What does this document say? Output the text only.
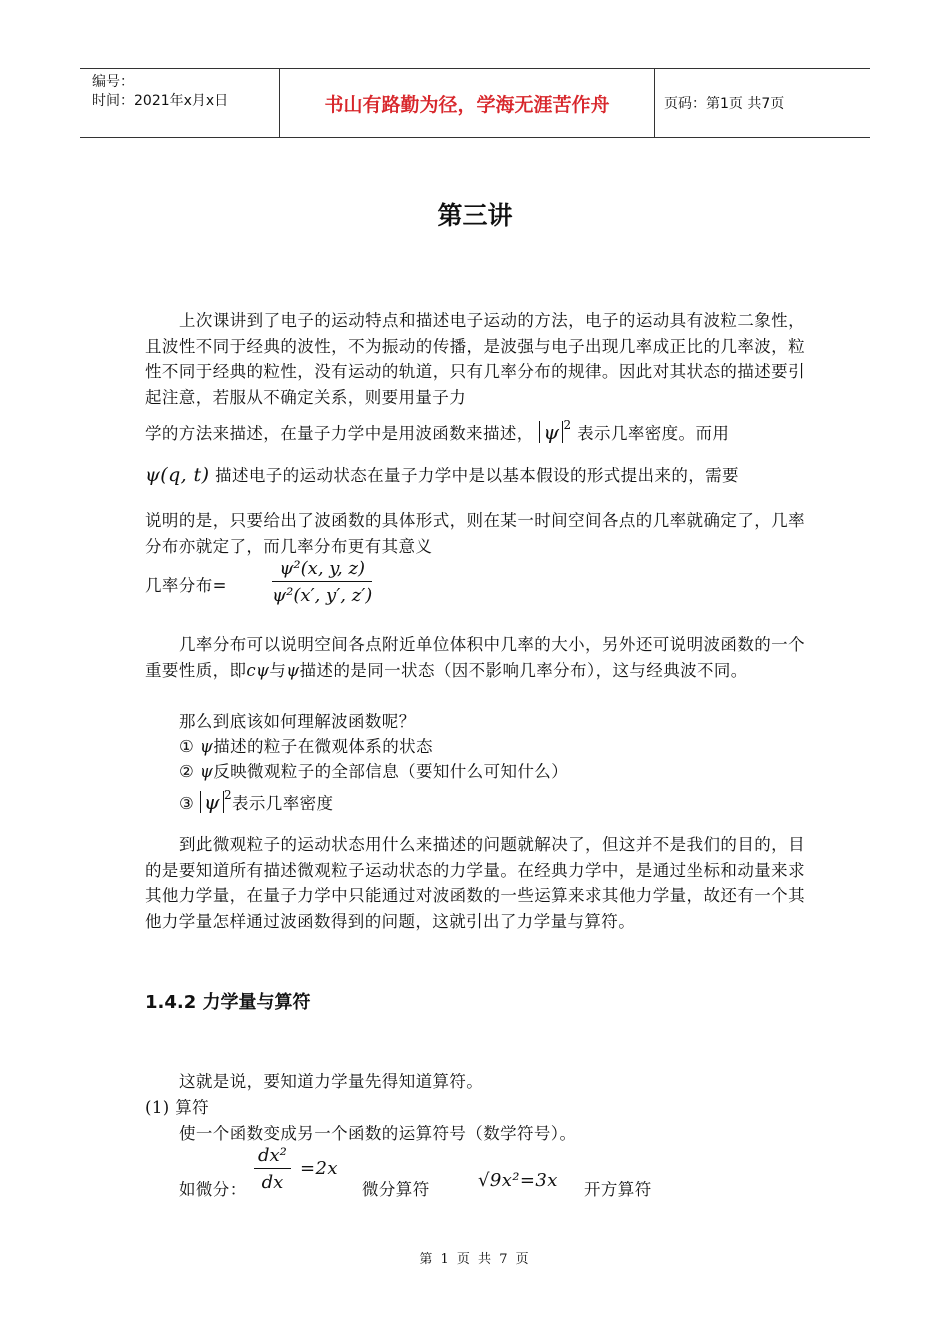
编号：
时间：2021年x月x日	书山有路勤为径，学海无涯苦作舟	页码：第1页 共7页
第三讲

上次课讲到了电子的运动特点和描述电子运动的方法，电子的运动具有波粒二象性，且波性不同于经典的波性，不为振动的传播，是波强与电子出现几率成正比的几率波，粒性不同于经典的粒性，没有运动的轨道，只有几率分布的规律。因此对其状态的描述要引起注意，若服从不确定关系，则要用量子力

学的方法来描述，在量子力学中是用波函数来描述， ψ $^2$ 表示几率密度。而用
ψ(q, t) 描述电子的运动状态在量子力学中是以基本假设的形式提出来的，需要

说明的是，只要给出了波函数的具体形式，则在某一时间空间各点的几率就确定了，几率分布亦就定了，而几率分布更有其意义

几率分布=	$\frac{\text{ψ²(x, y, z)}}{\text{ψ²(x′, y′, z′)}}$

几率分布可以说明空间各点附近单位体积中几率的大小，另外还可说明波函数的一个重要性质，即cψ与ψ描述的是同一状态（因不影响几率分布），这与经典波不同。

那么到底该如何理解波函数呢？
① ψ描述的粒子在微观体系的状态
② ψ反映微观粒子的全部信息（要知什么可知什么）
③ ψ $^2$表示几率密度

到此微观粒子的运动状态用什么来描述的问题就解决了，但这并不是我们的目的，目的是要知道所有描述微观粒子运动状态的力学量。在经典力学中，是通过坐标和动量来求其他力学量，在量子力学中只能通过对波函数的一些运算来求其他力学量，故还有一个其他力学量怎样通过波函数得到的问题，这就引出了力学量与算符。

1.4.2 力学量与算符
这就是说，要知道力学量先得知道算符。
(1) 算符
使一个函数变成另一个函数的运算符号（数学符号）。
如微分： $\frac{\text{dx²}}{dx} =2x$
微分算符	√9x²=3x 开方算符
第 1 页 共 7 页
